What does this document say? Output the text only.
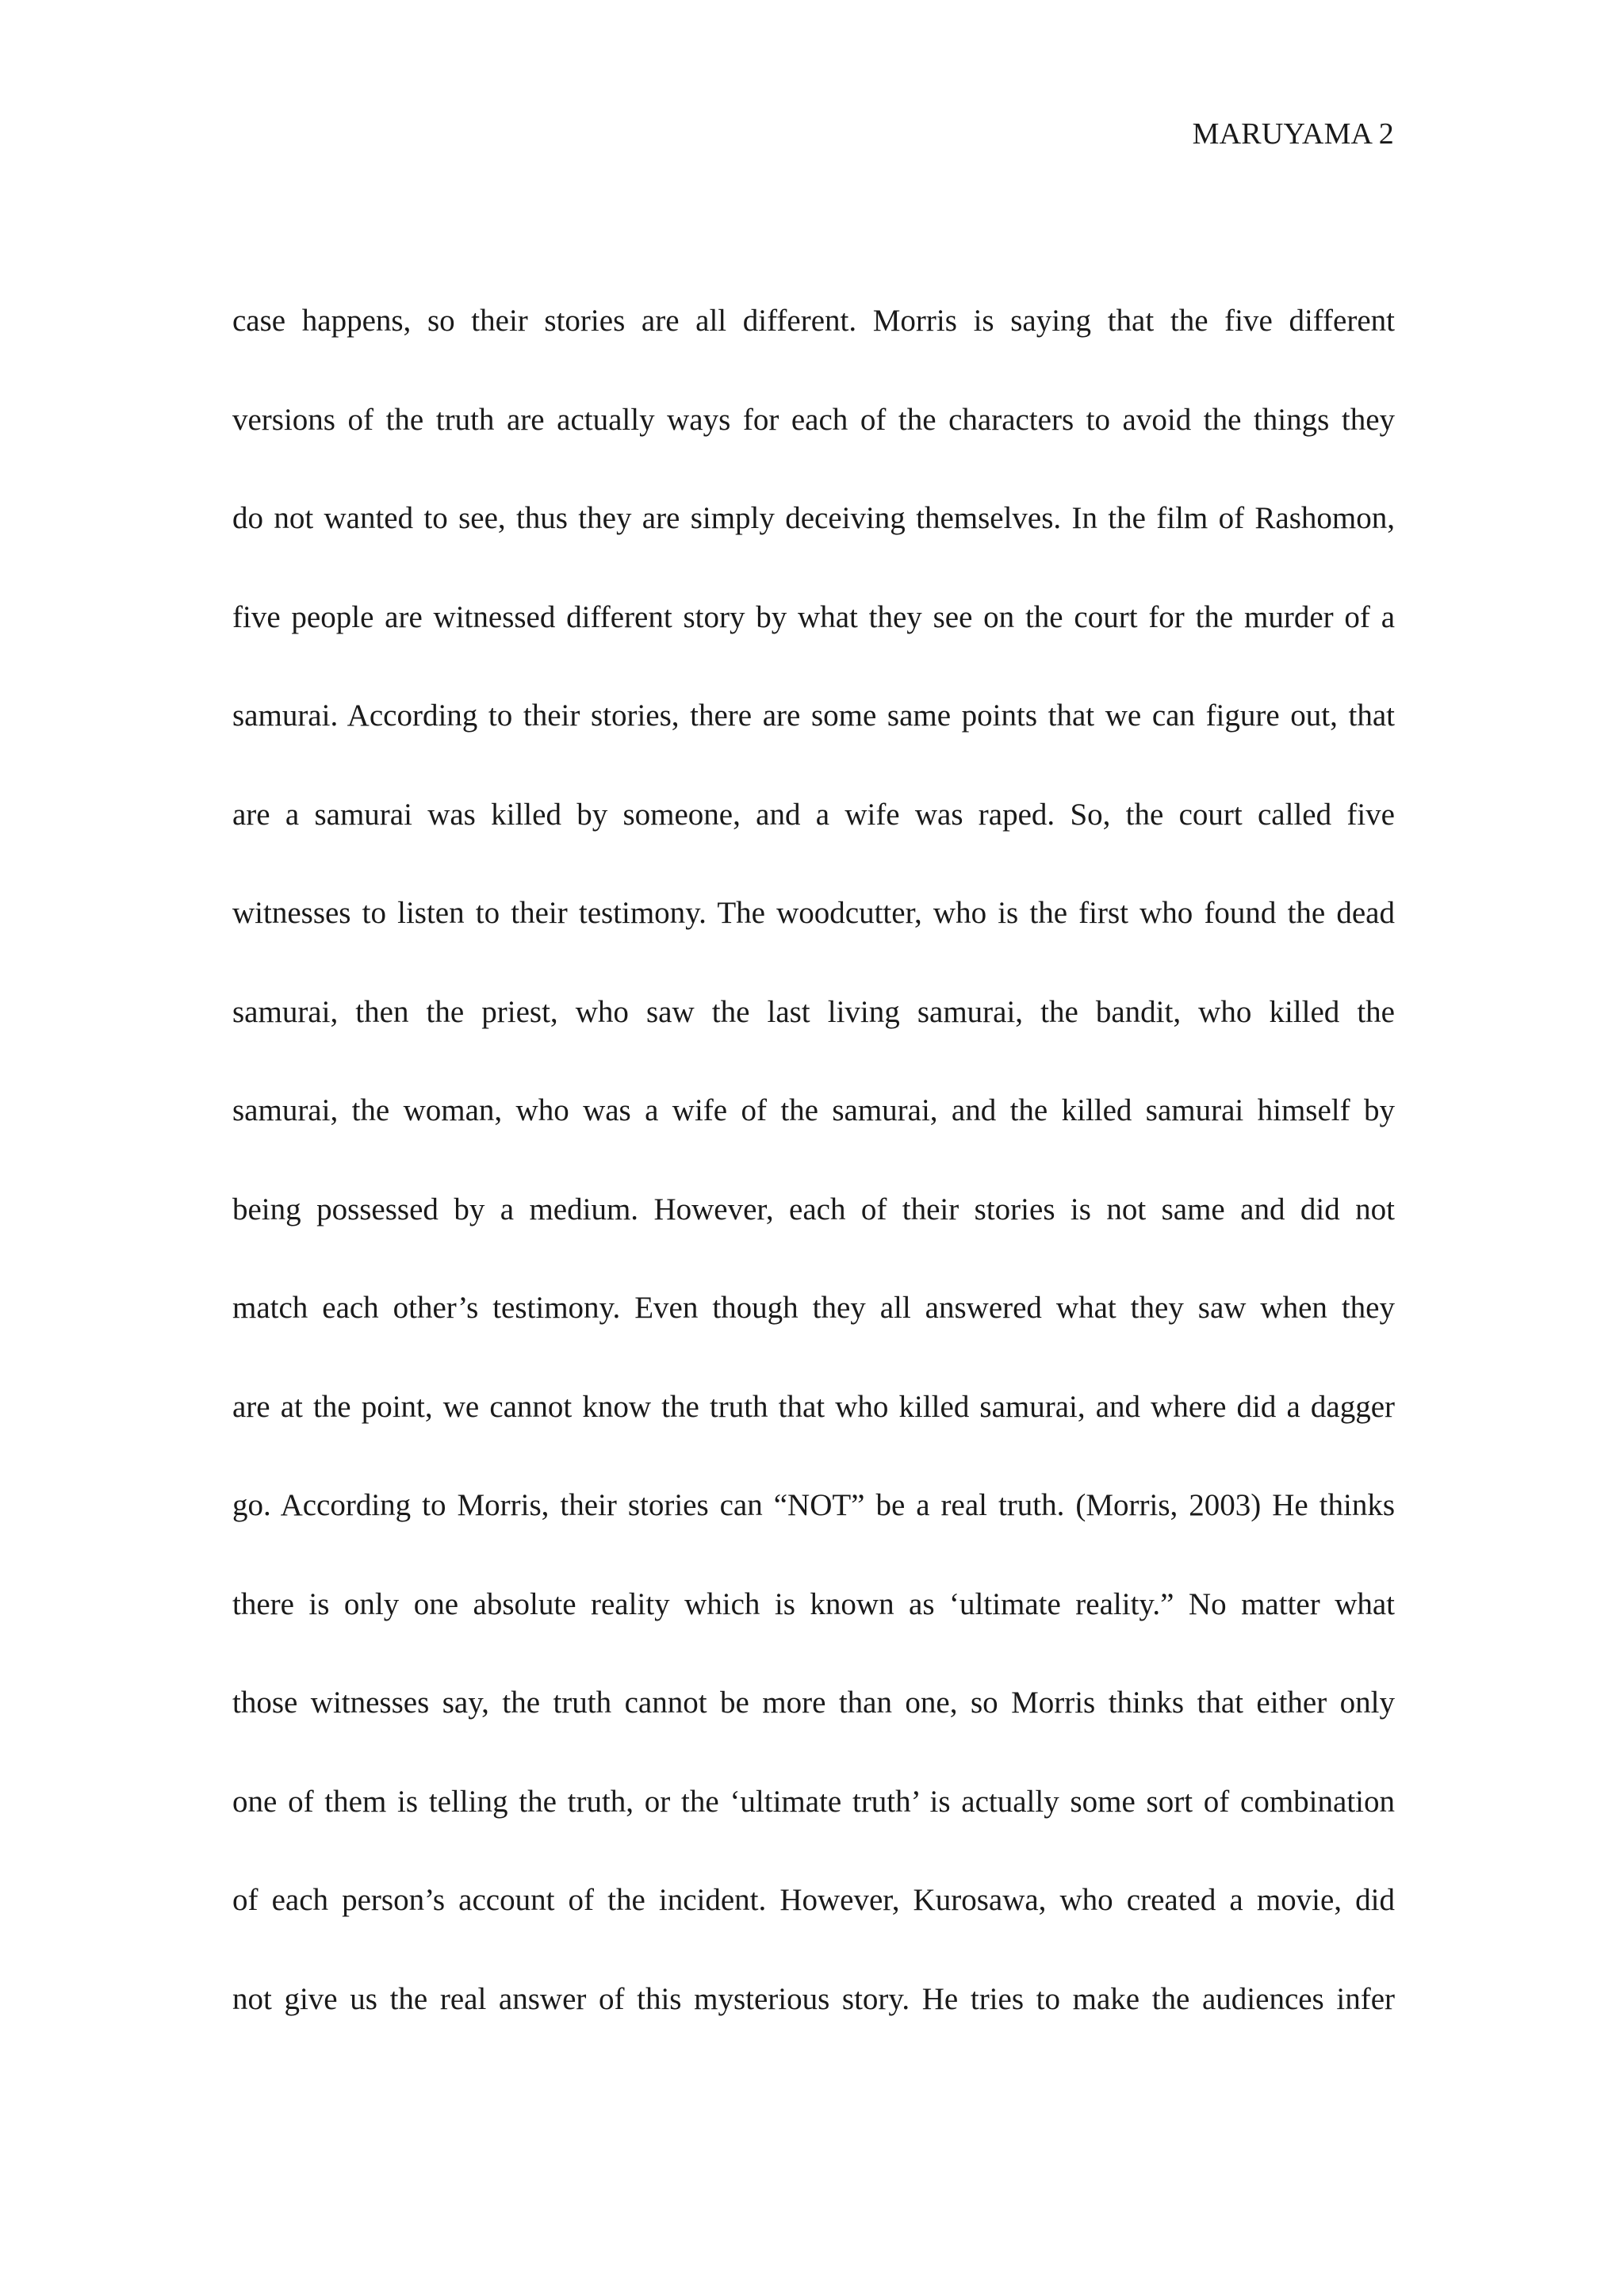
MARUYAMA 2
case happens, so their stories are all different. Morris is saying that the five different
versions of the truth are actually ways for each of the characters to avoid the things they
do not wanted to see, thus they are simply deceiving themselves. In the film of Rashomon,
five people are witnessed different story by what they see on the court for the murder of a
samurai. According to their stories, there are some same points that we can figure out, that
are a samurai was killed by someone, and a wife was raped. So, the court called five
witnesses to listen to their testimony. The woodcutter, who is the first who found the dead
samurai, then the priest, who saw the last living samurai, the bandit, who killed the
samurai, the woman, who was a wife of the samurai, and the killed samurai himself by
being possessed by a medium. However, each of their stories is not same and did not
match each other’s testimony. Even though they all answered what they saw when they
are at the point, we cannot know the truth that who killed samurai, and where did a dagger
go. According to Morris, their stories can “NOT” be a real truth. (Morris, 2003) He thinks
there is only one absolute reality which is known as ‘ultimate reality.” No matter what
those witnesses say, the truth cannot be more than one, so Morris thinks that either only
one of them is telling the truth, or the ‘ultimate truth’ is actually some sort of combination
of each person’s account of the incident. However, Kurosawa, who created a movie, did
not give us the real answer of this mysterious story. He tries to make the audiences infer
